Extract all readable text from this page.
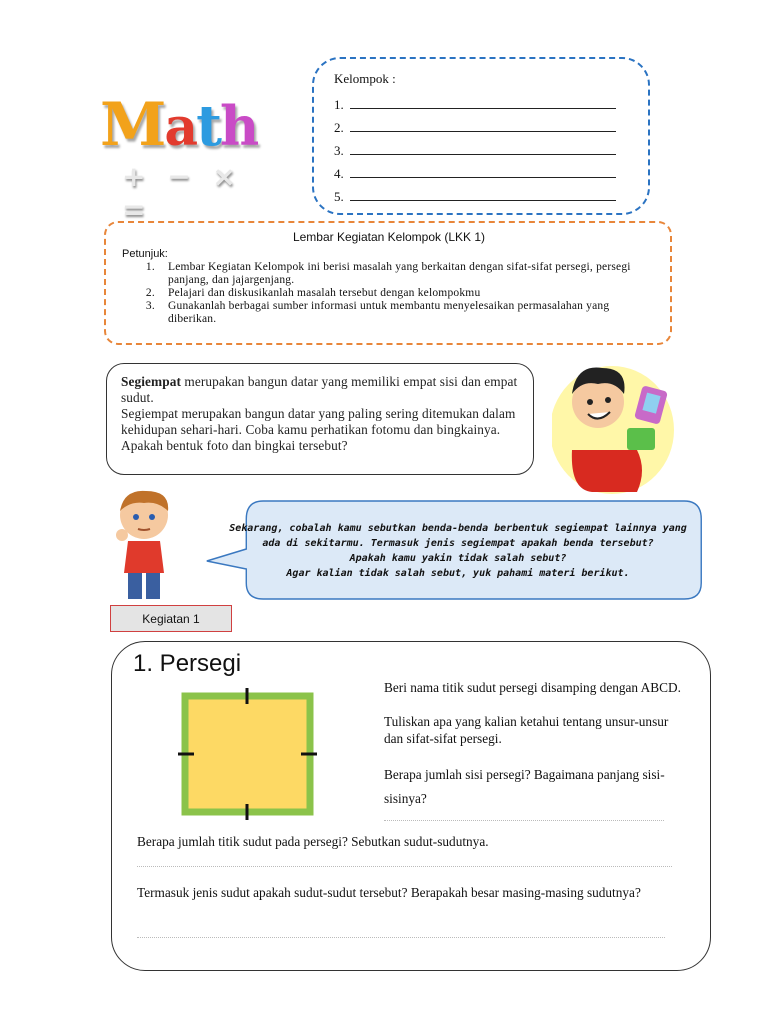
Math
+ − × =
Kelompok :
1.
2.
3.
4.
5.
Lembar Kegiatan Kelompok (LKK 1)
Petunjuk:
1. Lembar Kegiatan Kelompok ini berisi masalah yang berkaitan dengan sifat-sifat persegi, persegi panjang, dan jajargenjang.
2. Pelajari dan diskusikanlah masalah tersebut dengan kelompokmu
3. Gunakanlah berbagai sumber informasi untuk membantu menyelesaikan permasalahan yang diberikan.
Segiempat merupakan bangun datar yang memiliki empat sisi dan empat sudut.
Segiempat merupakan bangun datar yang paling sering ditemukan dalam kehidupan sehari-hari. Coba kamu perhatikan fotomu dan bingkainya. Apakah bentuk foto dan bingkai tersebut?
Sekarang, cobalah kamu sebutkan benda-benda berbentuk segiempat lainnya yang
ada di sekitarmu. Termasuk jenis segiempat apakah benda tersebut?
Apakah kamu yakin tidak salah sebut?
Agar kalian tidak salah sebut, yuk pahami materi berikut.
Kegiatan 1
1. Persegi
Beri nama titik sudut persegi disamping dengan ABCD.
Tuliskan apa yang kalian ketahui tentang unsur-unsur dan sifat-sifat persegi.
Berapa jumlah sisi persegi? Bagaimana panjang sisi-sisinya?
Berapa jumlah titik sudut pada persegi? Sebutkan sudut-sudutnya.
Termasuk jenis sudut apakah sudut-sudut tersebut? Berapakah besar masing-masing sudutnya?
